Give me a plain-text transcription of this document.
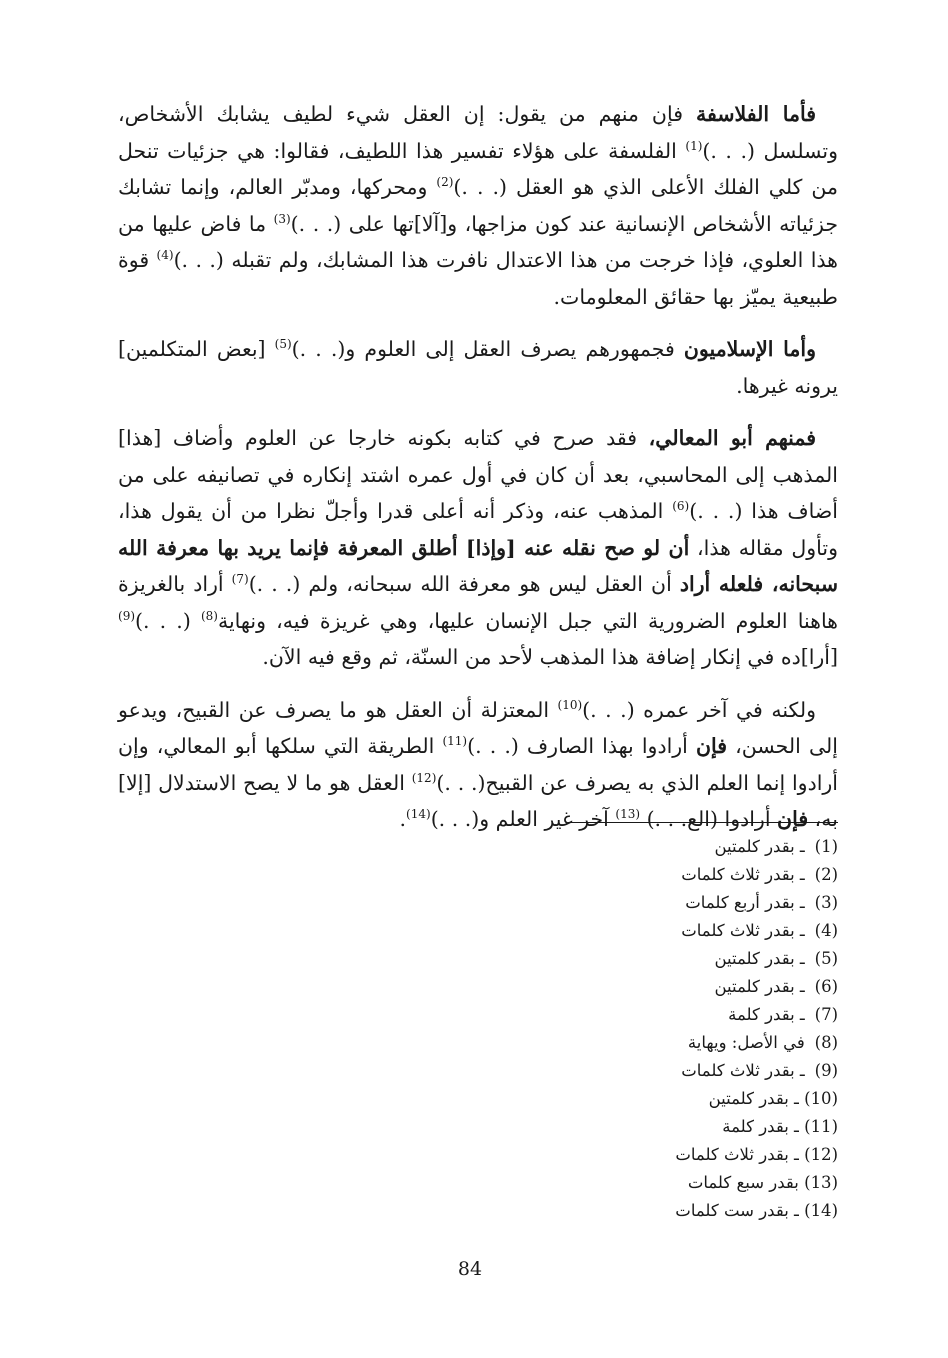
فأما الفلاسفة فإن منهم من يقول: إن العقل شيء لطيف يشابك الأشخاص، وتسلسل (. . .)$^{(1)}$ الفلسفة على هؤلاء تفسير هذا اللطيف، فقالوا: هي جزئيات تنحل من كلي الفلك الأعلى الذي هو العقل (. . .)$^{(2)}$ ومحركها، ومدبّر العالم، وإنما تشابك جزئياته الأشخاص الإنسانية عند كون مزاجها، و[آلا]تها على (. . .)$^{(3)}$ ما فاض عليها من هذا العلوي، فإذا خرجت من هذا الاعتدال نافرت هذا المشابك، ولم تقبله (. . .)$^{(4)}$ قوة طبيعية يميّز بها حقائق المعلومات.

وأما الإسلاميون فجمهورهم يصرف العقل إلى العلوم و(. . .)$^{(5)}$ [بعض المتكلمين] يرونه غيرها.

فمنهم أبو المعالي، فقد صرح في كتابه بكونه خارجا عن العلوم وأضاف [هذا] المذهب إلى المحاسبي، بعد أن كان في أول عمره اشتد إنكاره في تصانيفه على من أضاف هذا (. . .)$^{(6)}$ المذهب عنه، وذكر أنه أعلى قدرا وأجلّ نظرا من أن يقول هذا، وتأول مقاله هذا، أن لو صح نقله عنه [وإذا] أطلق المعرفة فإنما يريد بها معرفة الله سبحانه، فلعله أراد أن العقل ليس هو معرفة الله سبحانه، ولم (. . .)$^{(7)}$ أراد بالغريزة هاهنا العلوم الضرورية التي جبل الإنسان عليها، وهي غريزة فيه، ونهاية$^{(8)}$ (. . .)$^{(9)}$ [أرا]ده في إنكار إضافة هذا المذهب لأحد من السنّة، ثم وقع فيه الآن.

ولكنه في آخر عمره (. . .)$^{(10)}$ المعتزلة أن العقل هو ما يصرف عن القبيح، ويدعو إلى الحسن، فإن أرادوا بهذا الصارف (. . .)$^{(11)}$ الطريقة التي سلكها أبو المعالي، وإن أرادوا إنما العلم الذي به يصرف عن القبيح(. . .)$^{(12)}$ العقل هو ما لا يصح الاستدلال [إلا] به، فإن أرادوا (الع. . .) $^{(13)}$ آخر غير العلم و(. . .)$^{(14)}$.

(1) ـ بقدر كلمتين
(2) ـ بقدر ثلاث كلمات
(3) ـ بقدر أربع كلمات
(4) ـ بقدر ثلاث كلمات
(5) ـ بقدر كلمتين
(6) ـ بقدر كلمتين
(7) ـ بقدر كلمة
(8) في الأصل: ويهاية
(9) ـ بقدر ثلاث كلمات
(10) ـ بقدر كلمتين
(11) ـ بقدر كلمة
(12) ـ بقدر ثلاث كلمات
(13) بقدر سبع كلمات
(14) ـ بقدر ست كلمات
84
